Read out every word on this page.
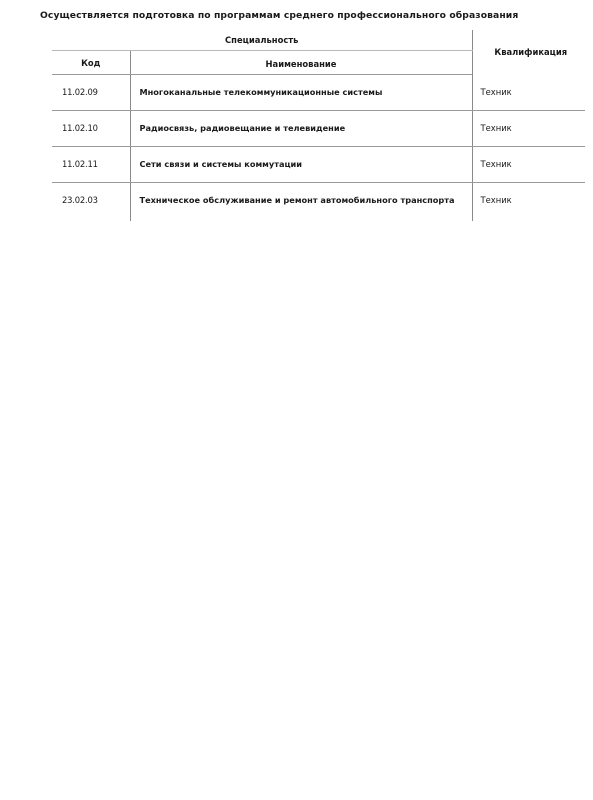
Осуществляется подготовка по программам среднего профессионального образования
Специальность		Квалификация
Код	Наименование	
11.02.09	Многоканальные телекоммуникационные системы	Техник
11.02.10	Радиосвязь, радиовещание и телевидение	Техник
11.02.11	Сети связи и системы коммутации	Техник
23.02.03	Техническое обслуживание и ремонт автомобильного транспорта	Техник
